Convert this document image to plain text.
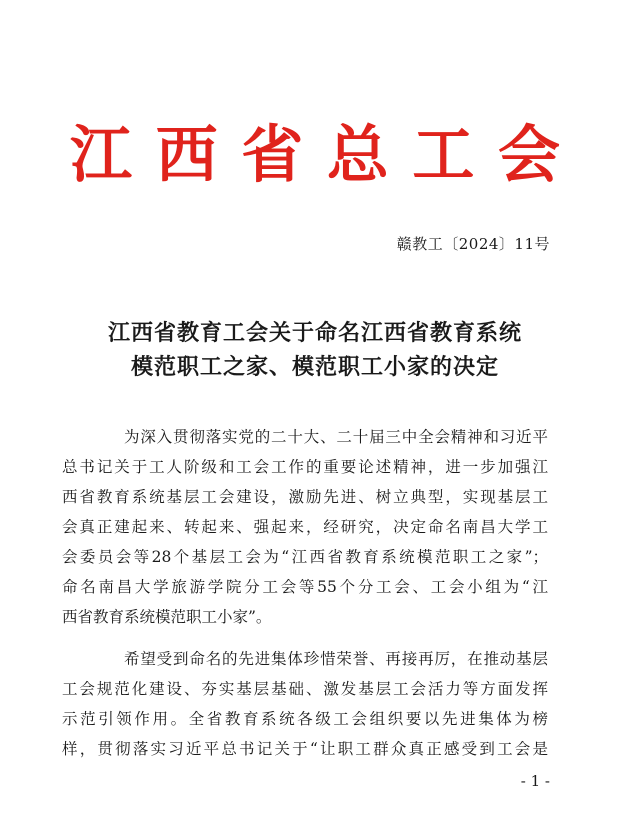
江 西 省 总 工 会
赣教工〔2024〕11号
江西省教育工会关于命名江西省教育系统
模范职工之家、模范职工小家的决定
为深入贯彻落实党的二十大、二十届三中全会精神和习近平
总书记关于工人阶级和工会工作的重要论述精神，进一步加强江
西省教育系统基层工会建设，激励先进、树立典型，实现基层工
会真正建起来、转起来、强起来，经研究，决定命名南昌大学工
会委员会等28个基层工会为“江西省教育系统模范职工之家”；
命名南昌大学旅游学院分工会等55个分工会、工会小组为“江
西省教育系统模范职工小家”。
希望受到命名的先进集体珍惜荣誉、再接再厉，在推动基层
工会规范化建设、夯实基层基础、激发基层工会活力等方面发挥
示范引领作用。全省教育系统各级工会组织要以先进集体为榜
样，贯彻落实习近平总书记关于“让职工群众真正感受到工会是
- 1 -
